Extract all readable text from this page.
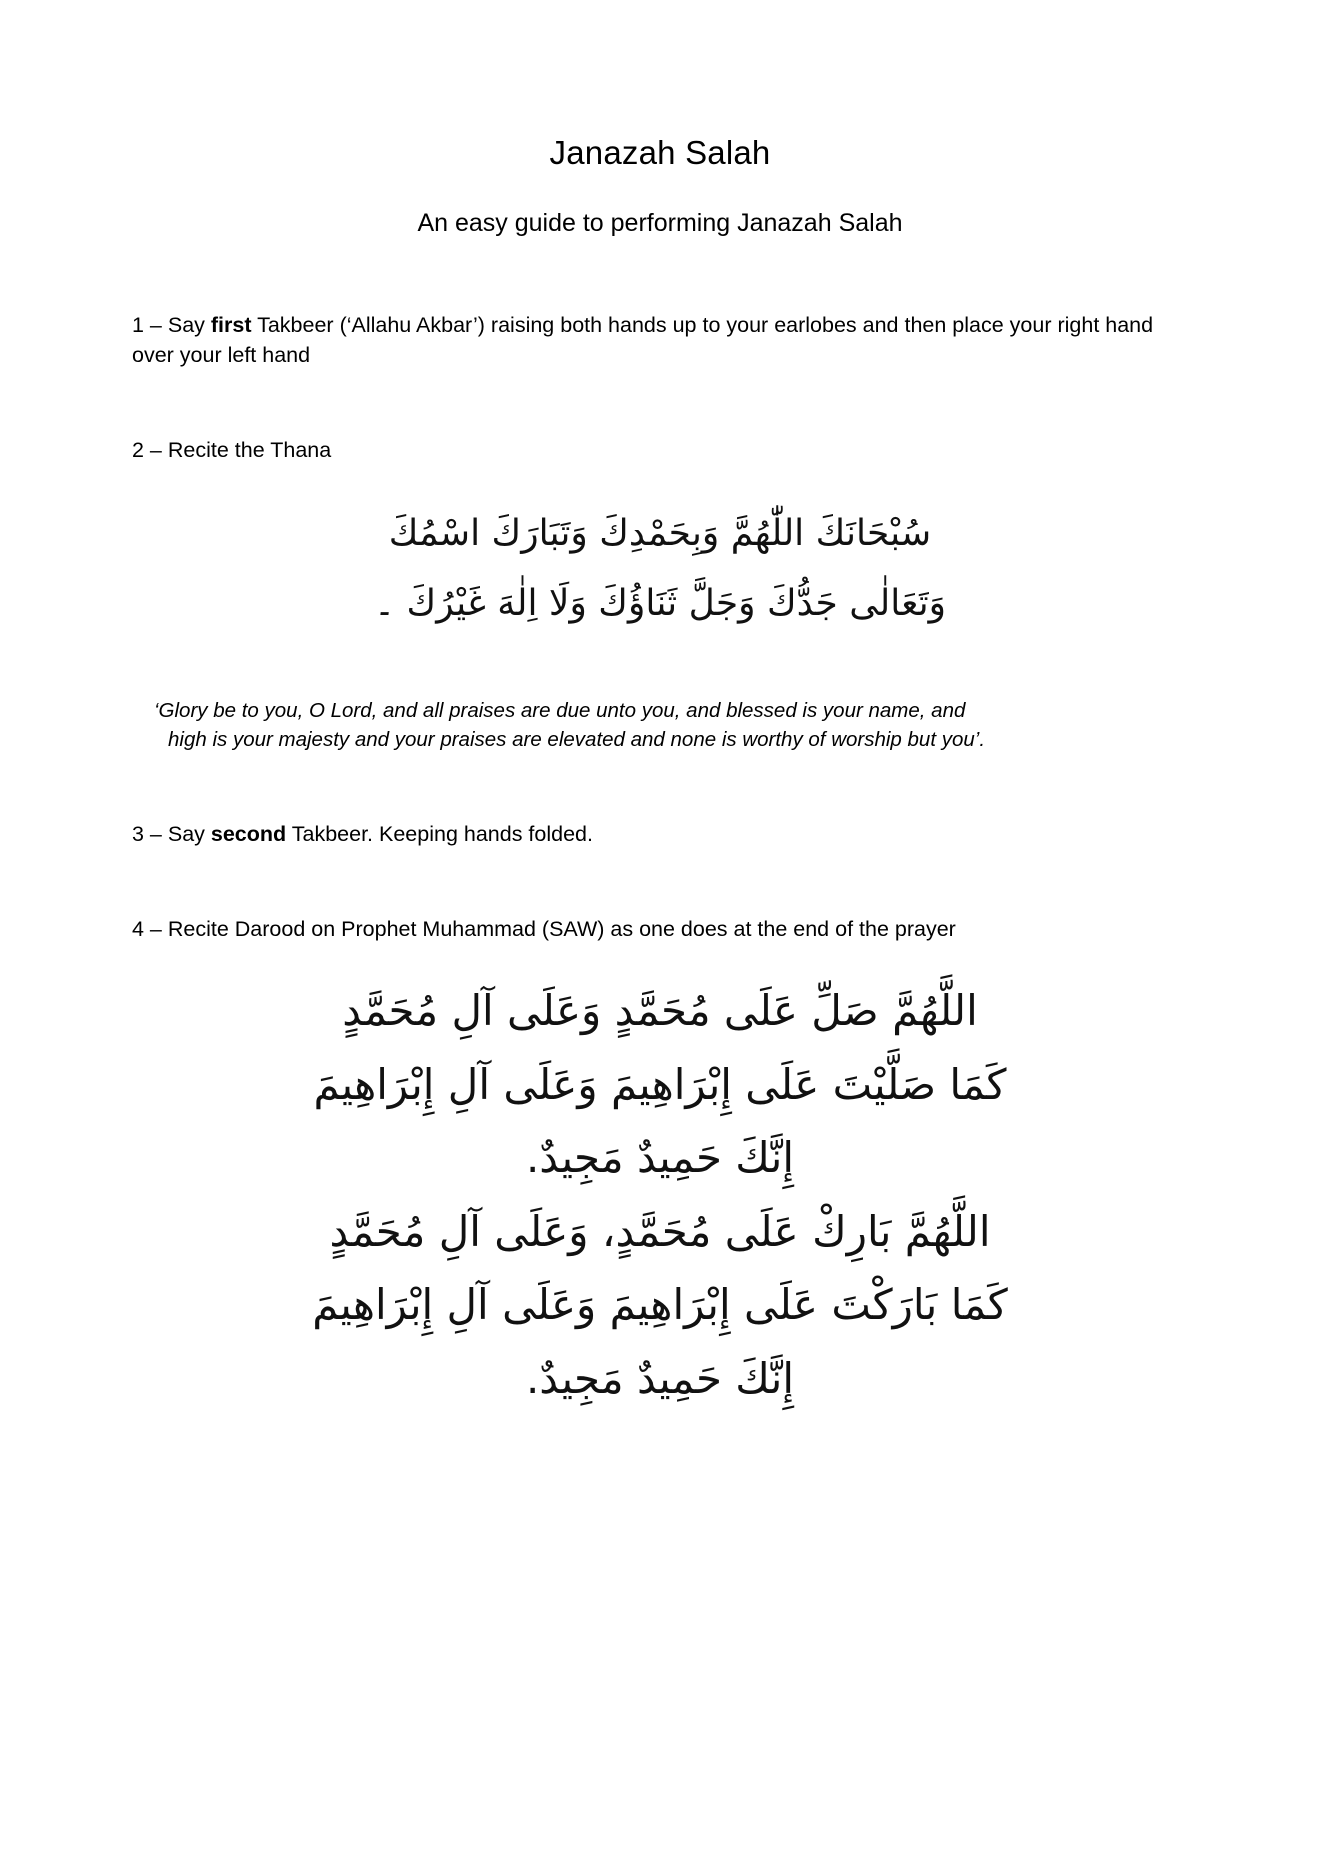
Janazah Salah
An easy guide to performing Janazah Salah

1 – Say first Takbeer (‘Allahu Akbar’) raising both hands up to your earlobes and then place your right hand over your left hand

2 – Recite the Thana

سُبْحَانَكَ اللّٰهُمَّ وَبِحَمْدِكَ وَتَبَارَكَ اسْمُكَ
وَتَعَالٰى جَدُّكَ وَجَلَّ ثَنَاؤُكَ وَلَا اِلٰهَ غَيْرُكَ ۔

‘Glory be to you, O Lord, and all praises are due unto you, and blessed is your name, and
high is your majesty and your praises are elevated and none is worthy of worship but you’.

3 – Say second Takbeer. Keeping hands folded.

4 – Recite Darood on Prophet Muhammad (SAW) as one does at the end of the prayer

اللَّهُمَّ صَلِّ عَلَى مُحَمَّدٍ وَعَلَى آلِ مُحَمَّدٍ
كَمَا صَلَّيْتَ عَلَى إِبْرَاهِيمَ وَعَلَى آلِ إِبْرَاهِيمَ
إِنَّكَ حَمِيدٌ مَجِيدٌ.
اللَّهُمَّ بَارِكْ عَلَى مُحَمَّدٍ، وَعَلَى آلِ مُحَمَّدٍ
كَمَا بَارَكْتَ عَلَى إِبْرَاهِيمَ وَعَلَى آلِ إِبْرَاهِيمَ
إِنَّكَ حَمِيدٌ مَجِيدٌ.
